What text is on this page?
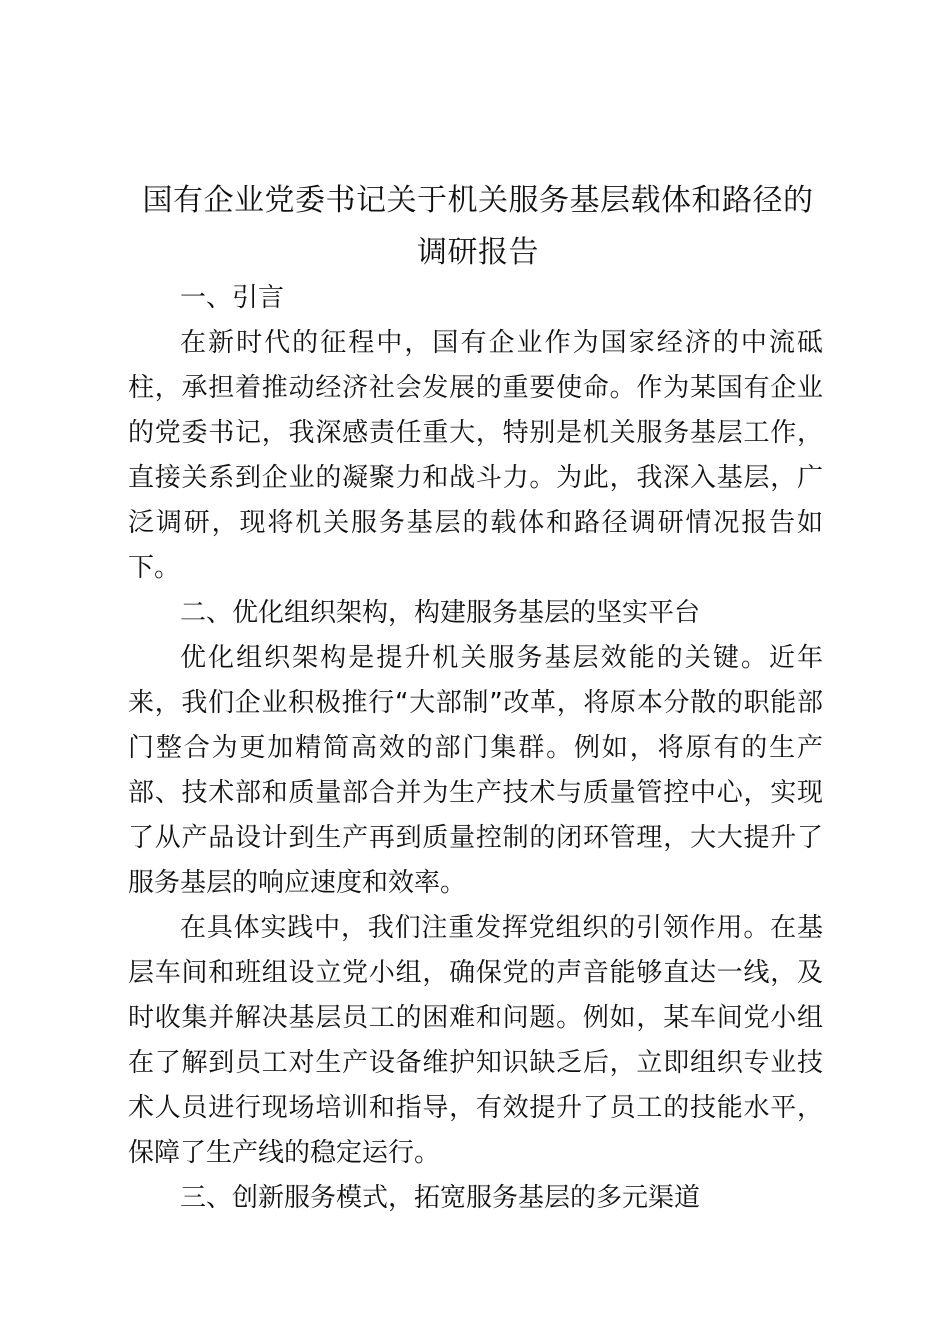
国有企业党委书记关于机关服务基层载体和路径的调研报告

一、引言

在新时代的征程中，国有企业作为国家经济的中流砥柱，承担着推动经济社会发展的重要使命。作为某国有企业的党委书记，我深感责任重大，特别是机关服务基层工作，直接关系到企业的凝聚力和战斗力。为此，我深入基层，广泛调研，现将机关服务基层的载体和路径调研情况报告如下。

二、优化组织架构，构建服务基层的坚实平台

优化组织架构是提升机关服务基层效能的关键。近年来，我们企业积极推行“大部制”改革，将原本分散的职能部门整合为更加精简高效的部门集群。例如，将原有的生产部、技术部和质量部合并为生产技术与质量管控中心，实现了从产品设计到生产再到质量控制的闭环管理，大大提升了服务基层的响应速度和效率。

在具体实践中，我们注重发挥党组织的引领作用。在基层车间和班组设立党小组，确保党的声音能够直达一线，及时收集并解决基层员工的困难和问题。例如，某车间党小组在了解到员工对生产设备维护知识缺乏后，立即组织专业技术人员进行现场培训和指导，有效提升了员工的技能水平，保障了生产线的稳定运行。

三、创新服务模式，拓宽服务基层的多元渠道
